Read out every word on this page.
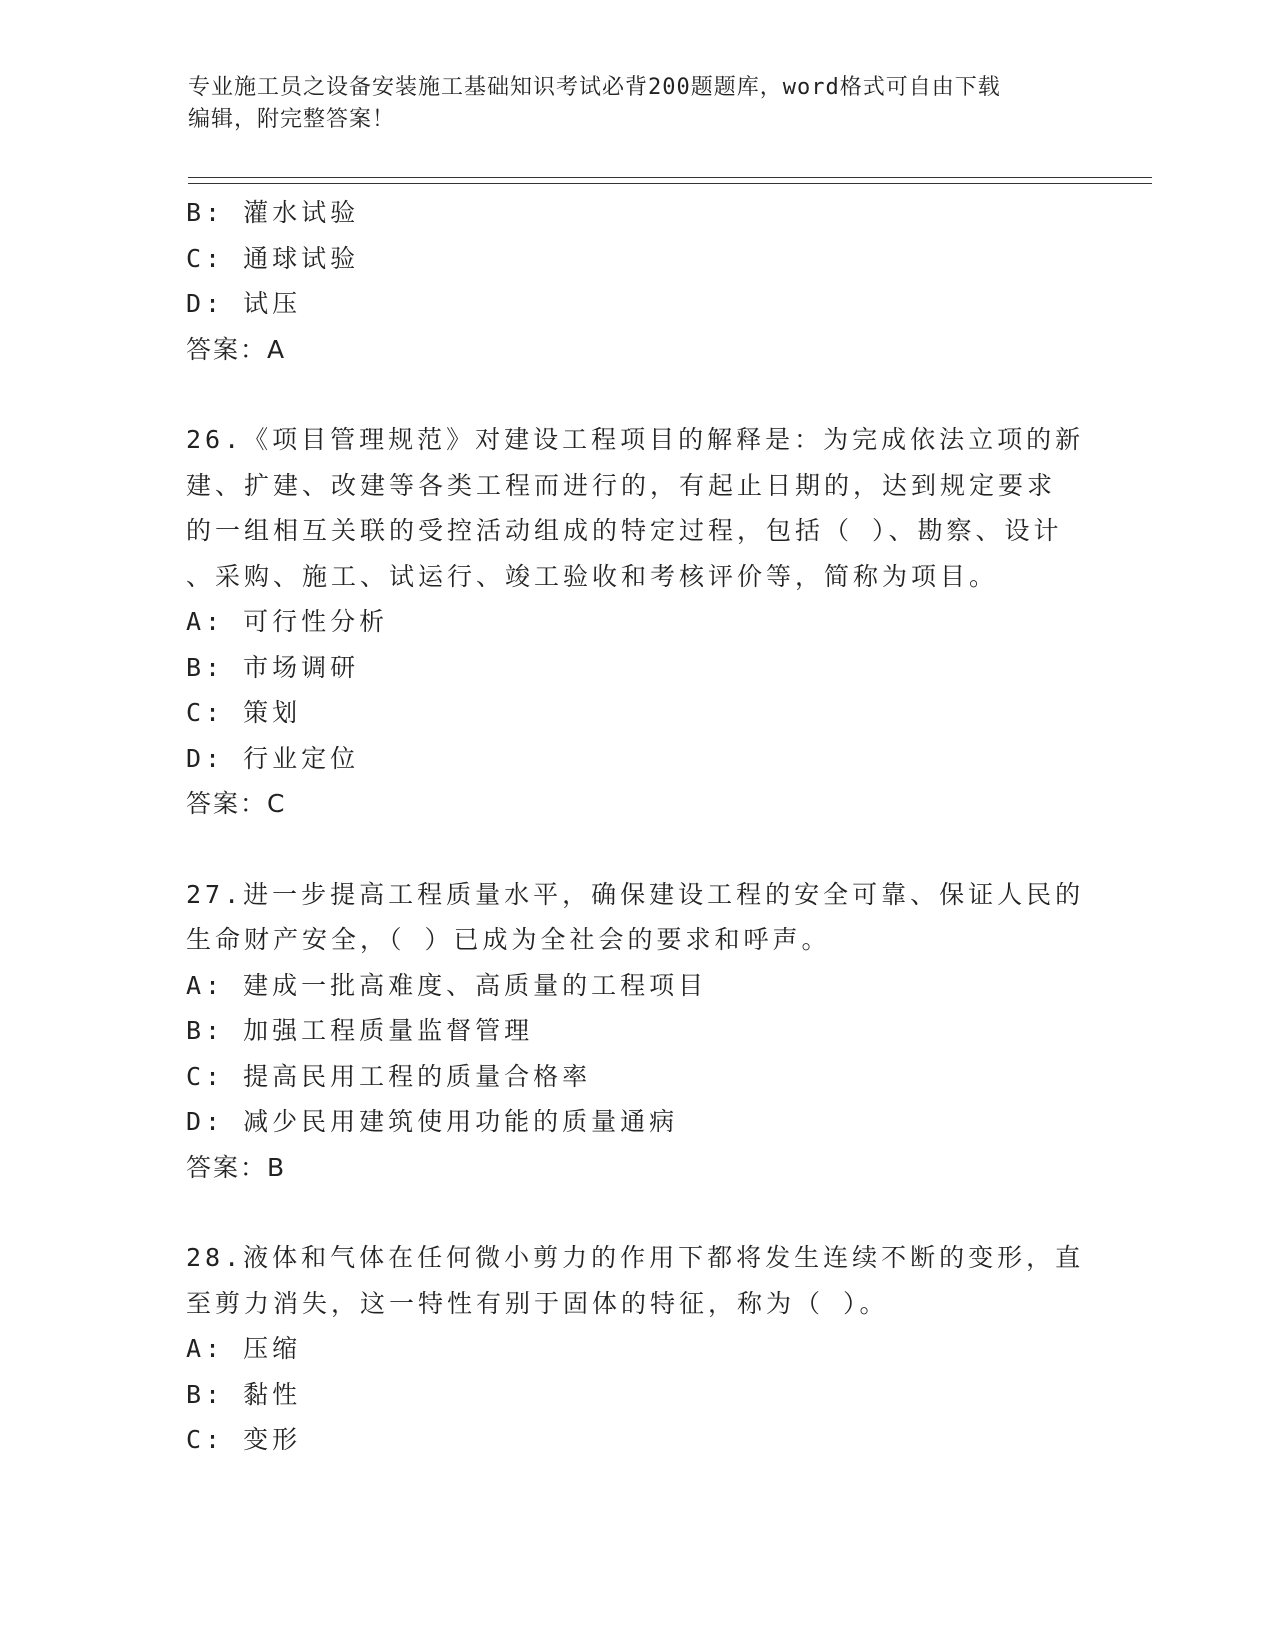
专业施工员之设备安装施工基础知识考试必背200题题库，word格式可自由下载
编辑，附完整答案！
B: 灌水试验
C: 通球试验
D: 试压
答案：A
26.《项目管理规范》对建设工程项目的解释是：为完成依法立项的新
建、扩建、改建等各类工程而进行的，有起止日期的，达到规定要求
的一组相互关联的受控活动组成的特定过程，包括（ ）、勘察、设计
、采购、施工、试运行、竣工验收和考核评价等，简称为项目。
A: 可行性分析
B: 市场调研
C: 策划
D: 行业定位
答案：C
27.进一步提高工程质量水平，确保建设工程的安全可靠、保证人民的
生命财产安全，（ ）已成为全社会的要求和呼声。
A: 建成一批高难度、高质量的工程项目
B: 加强工程质量监督管理
C: 提高民用工程的质量合格率
D: 减少民用建筑使用功能的质量通病
答案：B
28.液体和气体在任何微小剪力的作用下都将发生连续不断的变形，直
至剪力消失，这一特性有别于固体的特征，称为（ ）。
A: 压缩
B: 黏性
C: 变形
